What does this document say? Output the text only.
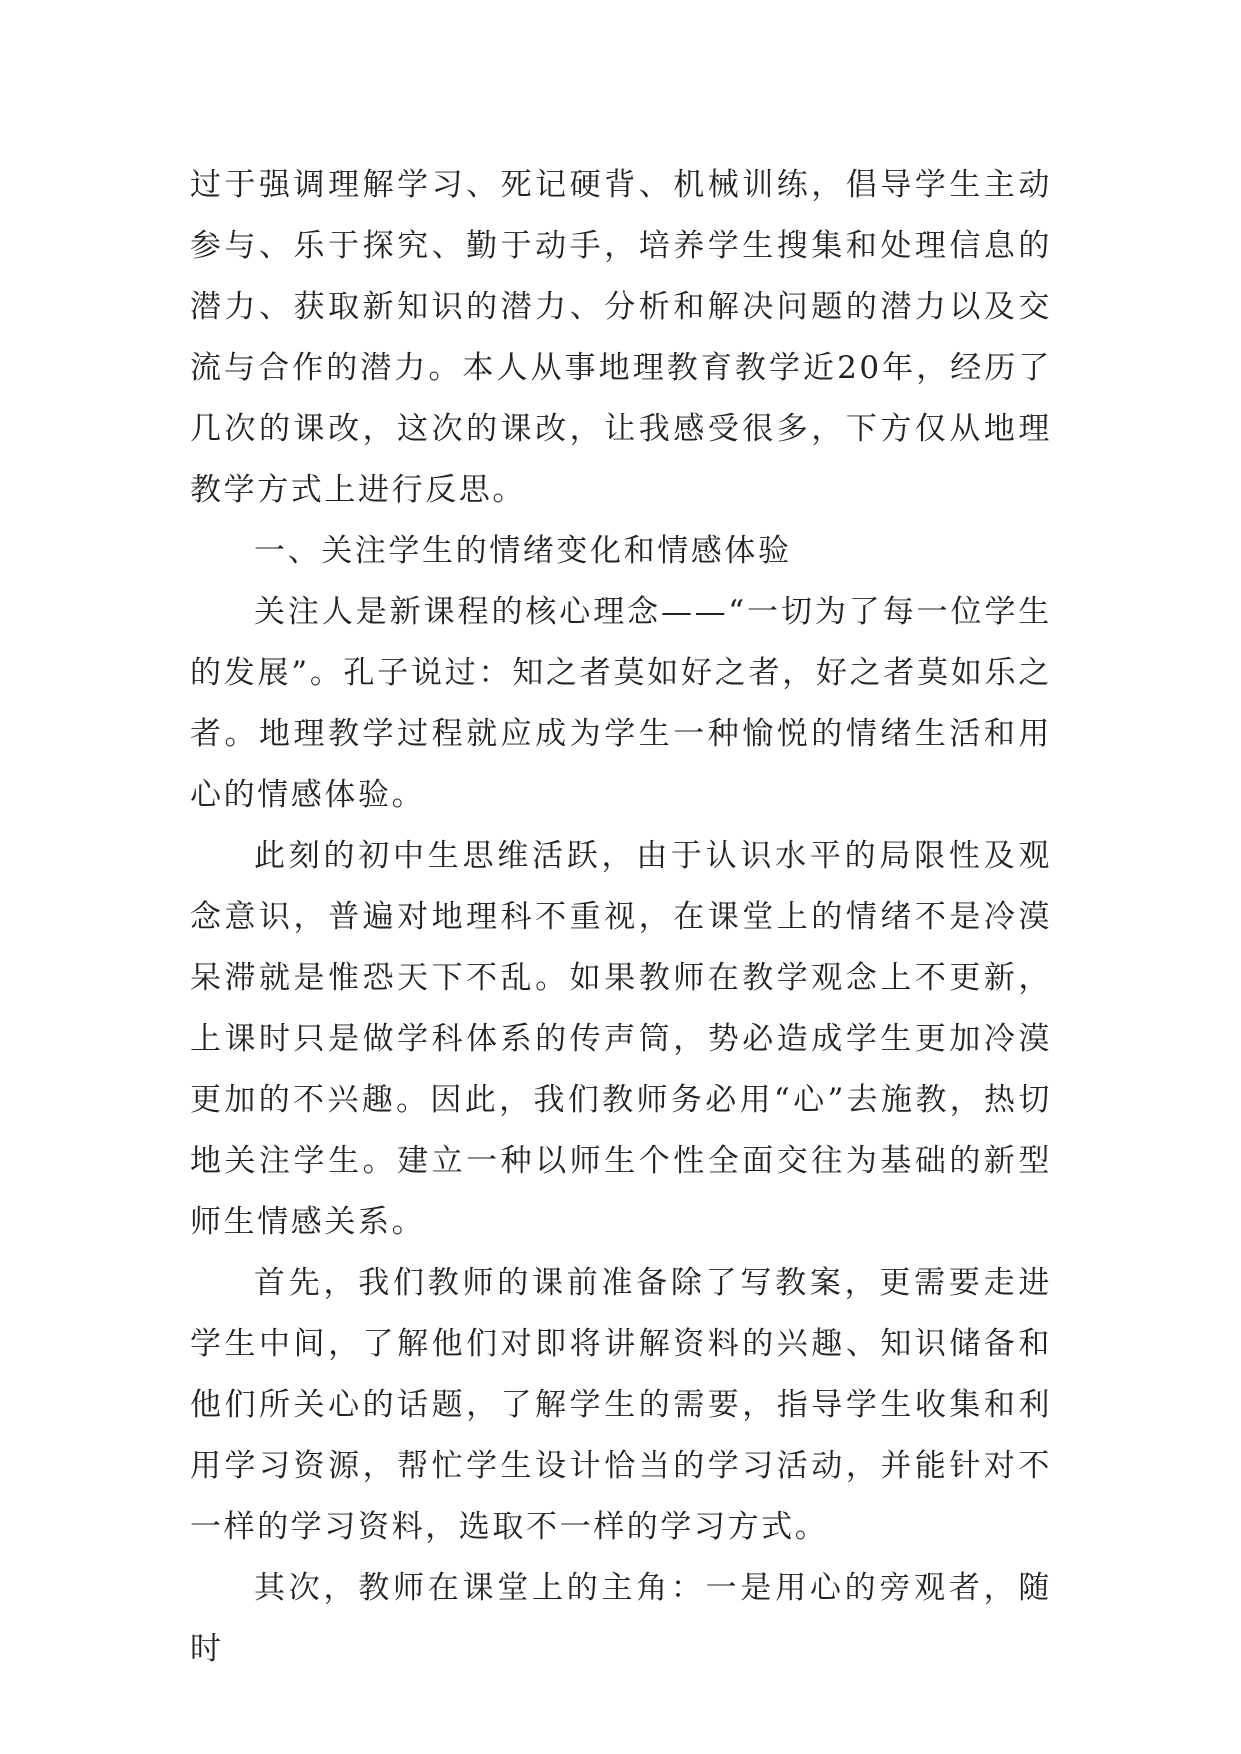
过于强调理解学习、死记硬背、机械训练，倡导学生主动参与、乐于探究、勤于动手，培养学生搜集和处理信息的潜力、获取新知识的潜力、分析和解决问题的潜力以及交流与合作的潜力。本人从事地理教育教学近20年，经历了几次的课改，这次的课改，让我感受很多，下方仅从地理教学方式上进行反思。

一、关注学生的情绪变化和情感体验

关注人是新课程的核心理念——“一切为了每一位学生的发展”。孔子说过：知之者莫如好之者，好之者莫如乐之者。地理教学过程就应成为学生一种愉悦的情绪生活和用心的情感体验。

此刻的初中生思维活跃，由于认识水平的局限性及观念意识，普遍对地理科不重视，在课堂上的情绪不是冷漠呆滞就是惟恐天下不乱。如果教师在教学观念上不更新，上课时只是做学科体系的传声筒，势必造成学生更加冷漠更加的不兴趣。因此，我们教师务必用“心”去施教，热切地关注学生。建立一种以师生个性全面交往为基础的新型师生情感关系。

首先，我们教师的课前准备除了写教案，更需要走进学生中间，了解他们对即将讲解资料的兴趣、知识储备和他们所关心的话题，了解学生的需要，指导学生收集和利用学习资源，帮忙学生设计恰当的学习活动，并能针对不一样的学习资料，选取不一样的学习方式。

其次，教师在课堂上的主角：一是用心的旁观者，随时
